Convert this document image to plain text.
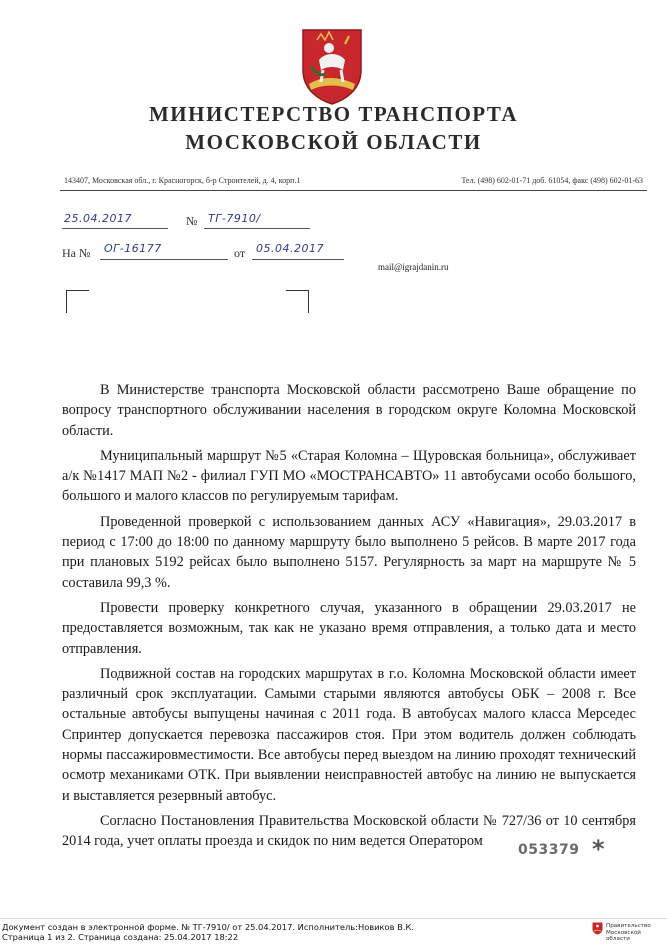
МИНИСТЕРСТВО ТРАНСПОРТА
МОСКОВСКОЙ ОБЛАСТИ
143407, Московская обл., г. Красногорск, б-р Строителей, д. 4, корп.1	Тел. (498) 602-01-71 доб. 61054, факс (498) 602-01-63
25.04.2017	№ ТГ-7910/
На № ОГ-16177	от 05.04.2017
mail@igrajdanin.ru

В Министерстве транспорта Московской области рассмотрено Ваше обращение по вопросу транспортного обслуживании населения в городском округе Коломна Московской области.

Муниципальный маршрут №5 «Старая Коломна – Щуровская больница», обслуживает а/к №1417 МАП №2 - филиал ГУП МО «МОСТРАНСАВТО» 11 автобусами особо большого, большого и малого классов по регулируемым тарифам.

Проведенной проверкой с использованием данных АСУ «Навигация», 29.03.2017 в период с 17:00 до 18:00 по данному маршруту было выполнено 5 рейсов. В марте 2017 года при плановых 5192 рейсах было выполнено 5157. Регулярность за март на маршруте № 5 составила 99,3 %.

Провести проверку конкретного случая, указанного в обращении 29.03.2017 не предоставляется возможным, так как не указано время отправления, а только дата и место отправления.

Подвижной состав на городских маршрутах в г.о. Коломна Московской области имеет различный срок эксплуатации. Самыми старыми являются автобусы ОБК – 2008 г. Все остальные автобусы выпущены начиная с 2011 года. В автобусах малого класса Мерседес Спринтер допускается перевозка пассажиров стоя. При этом водитель должен соблюдать нормы пассажировместимости. Все автобусы перед выездом на линию проходят технический осмотр механиками ОТК. При выявлении неисправностей автобус на линию не выпускается и выставляется резервный автобус.

Согласно Постановления Правительства Московской области № 727/36 от 10 сентября 2014 года, учет оплаты проезда и скидок по ним ведется Оператором

053379 *
Документ создан в электронной форме. № ТГ-7910/ от 25.04.2017. Исполнитель:Новиков В.К.
Страница 1 из 2. Страница создана: 25.04.2017 18:22
Правительство
Московской области
